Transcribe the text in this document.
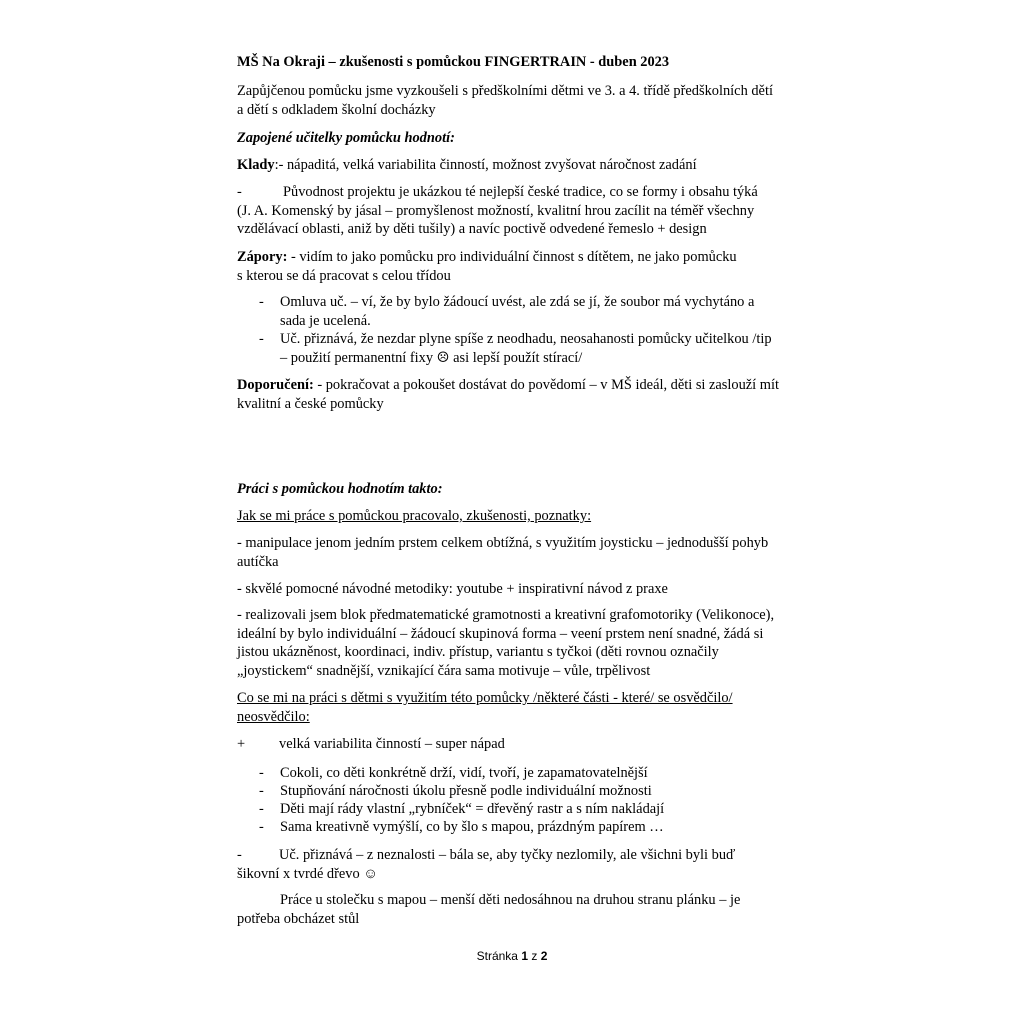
MŠ Na Okraji – zkušenosti s pomůckou FINGERTRAIN - duben 2023
Zapůjčenou pomůcku jsme vyzkoušeli s předškolními dětmi ve 3. a 4. třídě předškolních dětí
a dětí s odkladem školní docházky
Zapojené učitelky pomůcku hodnotí:
Klady:- nápaditá, velká variabilita činností, možnost zvyšovat náročnost zadání
-	Původnost projektu je ukázkou té nejlepší české tradice, co se formy i obsahu týká
(J. A. Komenský by jásal – promyšlenost možností, kvalitní hrou zacílit na téměř všechny
vzdělávací oblasti, aniž by děti tušily) a navíc poctivě odvedené řemeslo + design
Zápory: - vidím to jako pomůcku pro individuální činnost s dítětem, ne jako pomůcku
s kterou se dá pracovat s celou třídou
- Omluva uč. – ví, že by bylo žádoucí uvést, ale zdá se jí, že soubor má vychytáno a
sada je ucelená.
- Uč. přiznává, že nezdar plyne spíše z neodhadu, neosahanosti pomůcky učitelkou /tip
– použití permanentní fixy ☹ asi lepší použít stírací/
Doporučení: - pokračovat a pokoušet dostávat do povědomí – v MŠ ideál, děti si zaslouží mít
kvalitní a české pomůcky
Práci s pomůckou hodnotím takto:
Jak se mi práce s pomůckou pracovalo, zkušenosti, poznatky:
- manipulace jenom jedním prstem celkem obtížná, s využitím joysticku – jednodušší pohyb
autíčka
- skvělé pomocné návodné metodiky: youtube + inspirativní návod z praxe
- realizovali jsem blok předmatematické gramotnosti a kreativní grafomotoriky (Velikonoce),
ideální by bylo individuální – žádoucí skupinová forma – veení prstem není snadné, žádá si
jistou ukázněnost, koordinaci, indiv. přístup, variantu s tyčkoi (děti rovnou označily
„joystickem“ snadnější, vznikající čára sama motivuje – vůle, trpělivost
Co se mi na práci s dětmi s využitím této pomůcky /některé části - které/ se osvědčilo/
neosvědčilo:
+ velká variabilita činností – super nápad
- Cokoli, co děti konkrétně drží, vidí, tvoří, je zapamatovatelnější
- Stupňování náročnosti úkolu přesně podle individuální možnosti
- Děti mají rády vlastní „rybníček“ = dřevěný rastr a s ním nakládají
- Sama kreativně vymýšlí, co by šlo s mapou, prázdným papírem …
-	Uč. přiznává – z neznalosti – bála se, aby tyčky nezlomily, ale všichni byli buď
šikovní x tvrdé dřevo ☺
Práce u stolečku s mapou – menší děti nedosáhnou na druhou stranu plánku – je
potřeba obcházet stůl
Stránka 1 z 2
